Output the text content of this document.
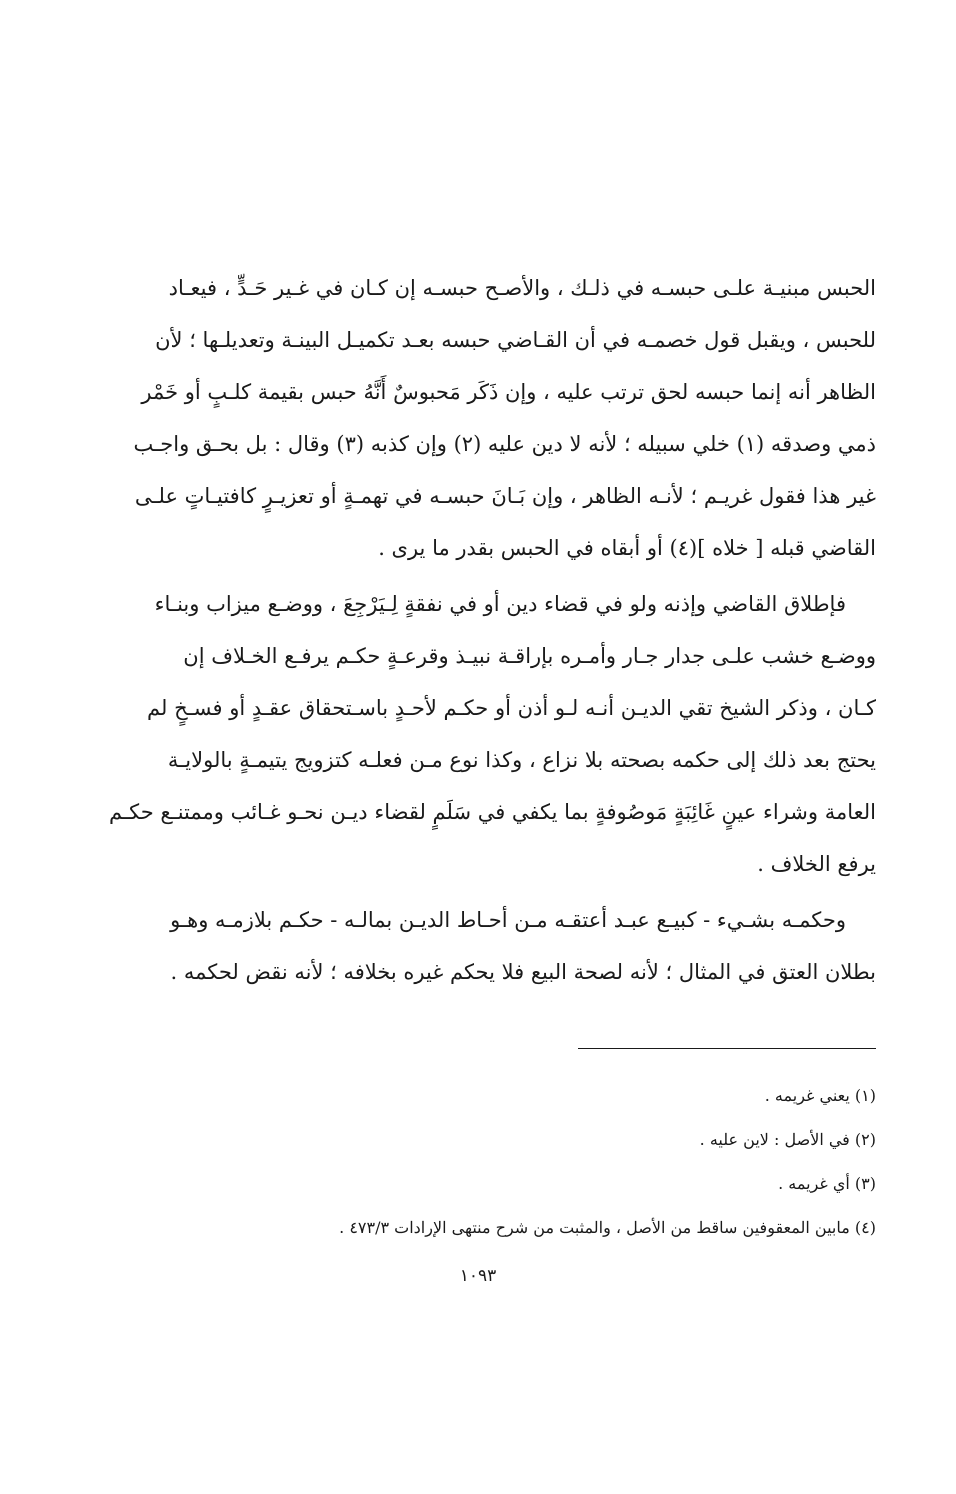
الحبس مبنيـة علـى حبسـه في ذلـك ، والأصـح حبسـه إن كـان في غـير حَـدٍّ ، فيعـاد

للحبس ، ويقبل قول خصمـه في أن القـاضي حبسه بعـد تكميـل البينـة وتعديلـها ؛ لأن

الظاهر أنه إنما حبسه لحق ترتب عليه ، وإن ذَكَر مَحبوسٌ أَنَّهُ حبس بقيمة كلـبٍ أو خَمْر

ذمي وصدقه (١) خلي سبيله ؛ لأنه لا دين عليه (٢) وإن كذبه (٣) وقال : بل بحـق واجـب

غير هذا فقول غريـم ؛ لأنـه الظاهر ، وإن بَـانَ حبسـه في تهمـةٍ أو تعزيـرٍ كافتيـاتٍ علـى

القاضي قبله [ خلاه ](٤) أو أبقاه في الحبس بقدر ما يرى .

فإطلاق القاضي وإذنه ولو في قضاء دين أو في نفقةٍ لِـيَرْجِعَ ، ووضـع ميزاب وبنـاء

ووضـع خشب علـى جدار جـار وأمـره بإراقـة نبيـذ وقرعـةٍ حكـم يرفـع الخـلاف إن

كـان ، وذكر الشيخ تقي الديـن أنـه لـو أذن أو حكـم لأحـدٍ باسـتحقاق عقـدٍ أو فسـخٍ لم

يحتج بعد ذلك إلى حكمه بصحته بلا نزاع ، وكذا نوع مـن فعلـه كتزويج يتيمـةٍ بالولايـة

العامة وشراء عينٍ غَائِبَةٍ مَوصُوفةٍ بما يكفي في سَلَمٍ لقضاء ديـن نحـو غـائب وممتنـع حكـم

يرفع الخلاف .

وحكمـه بشـيء - كبيـع عبـد أعتقـه مـن أحـاط الديـن بمالـه - حكـم بلازمـه وهـو

بطلان العتق في المثال ؛ لأنه لصحة البيع فلا يحكم غيره بخلافه ؛ لأنه نقض لحكمه .

(١) يعني غريمه .

(٢) في الأصل : لاين عليه .

(٣) أي غريمه .

(٤) مابين المعقوفين ساقط من الأصل ، والمثبت من شرح منتهى الإرادات ٤٧٣/٣ .

١٠٩٣
